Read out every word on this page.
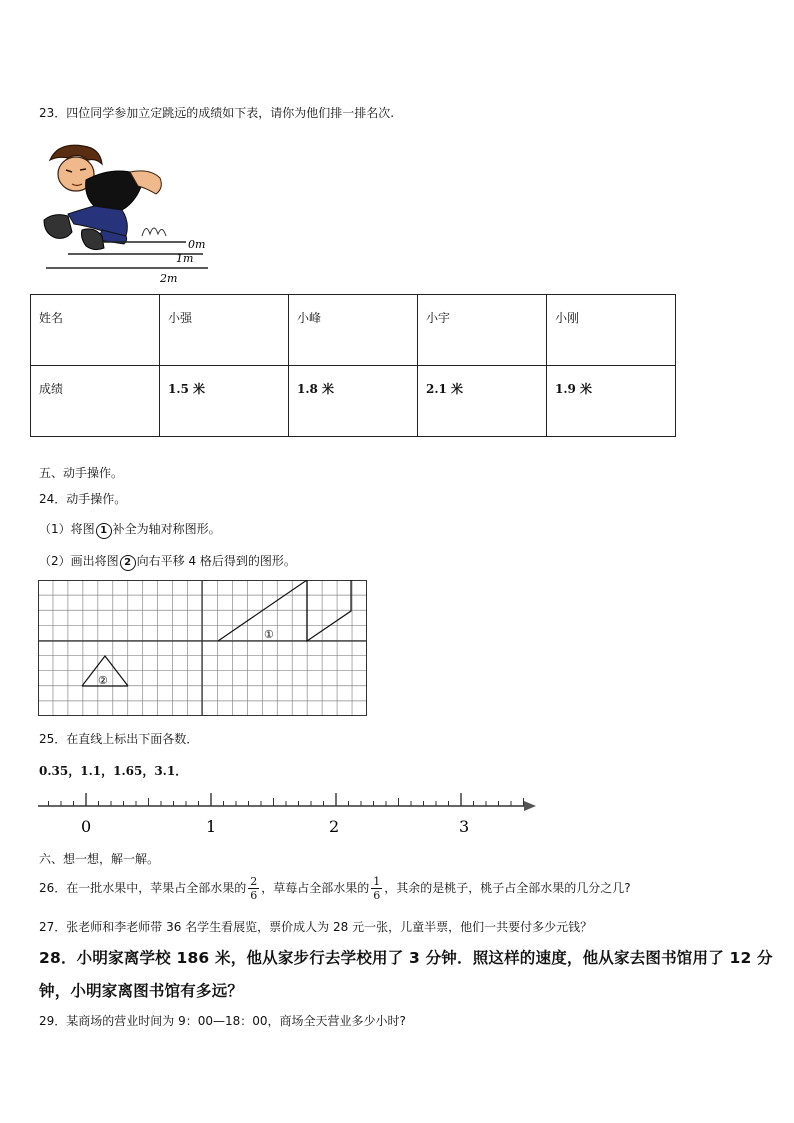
23．四位同学参加立定跳远的成绩如下表，请你为他们排一排名次.
0m
1m
2m
姓名	小强	小峰	小宇	小刚
成绩	1.5 米	1.8 米	2.1 米	1.9 米
五、动手操作。
24．动手操作。
（1）将图 1 补全为轴对称图形。
（2）画出将图 2 向右平移 4 格后得到的图形。
①
②
25．在直线上标出下面各数．
0.35，1.1，1.65，3.1．
0	1	2	3
六、想一想，解一解。
26．在一批水果中，苹果占全部水果的 $\frac{2}{6}$ ，草莓占全部水果的 $\frac{1}{6}$ ，其余的是桃子，桃子占全部水果的几分之几?
27．张老师和李老师带 36 名学生看展览，票价成人为 28 元一张，儿童半票，他们一共要付多少元钱？
28．小明家离学校 186 米，他从家步行去学校用了 3 分钟．照这样的速度，他从家去图书馆用了 12 分
钟，小明家离图书馆有多远？
29．某商场的营业时间为 9：00—18：00，商场全天营业多少小时?
